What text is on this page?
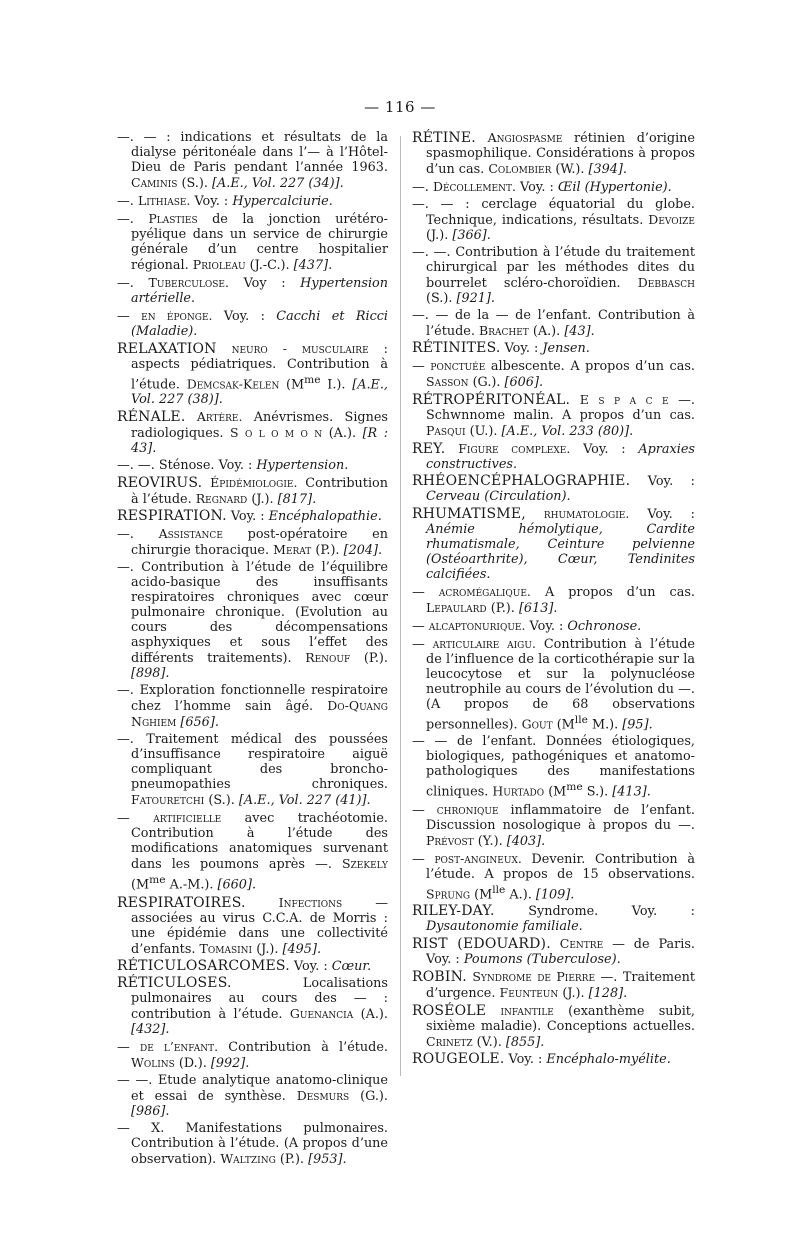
— 116 —

—. — : indications et résultats de la dialyse péritonéale dans l’— à l’Hôtel-Dieu de Paris pendant l’année 1963. Caminis (S.). [A.E., Vol. 227 (34)].

—. Lithiase. Voy. : Hypercalciurie.

—. Plasties de la jonction urétéro-pyélique dans un service de chirurgie générale d’un centre hospitalier régional. Prioleau (J.-C.). [437].

—. Tuberculose. Voy : Hypertension artérielle.

— en éponge. Voy. : Cacchi et Ricci (Maladie).

RELAXATION neuro - musculaire : aspects pédiatriques. Contribution à l’étude. Demcsak-Kelen ($M^{me}$ I.). [A.E., Vol. 227 (38)].

RÉNALE. Artère. Anévrismes. Signes radiologiques. S o l o m o n (A.). [R : 43].

—. —. Sténose. Voy. : Hypertension.

REOVIRUS. Épidémiologie. Contribution à l’étude. Regnard (J.). [817].

RESPIRATION. Voy. : Encéphalopathie.

—. Assistance post-opératoire en chirurgie thoracique. Merat (P.). [204].

—. Contribution à l’étude de l’équilibre acido-basique des insuffisants respiratoires chroniques avec cœur pulmonaire chronique. (Evolution au cours des décompensations asphyxiques et sous l’effet des différents traitements). Renouf (P.). [898].

—. Exploration fonctionnelle respiratoire chez l’homme sain âgé. Do-Quang Nghiem [656].

—. Traitement médical des poussées d’insuffisance respiratoire aiguë compliquant des broncho-pneumopathies chroniques. Fatouretchi (S.). [A.E., Vol. 227 (41)].

— artificielle avec trachéotomie. Contribution à l’étude des modifications anatomiques survenant dans les poumons après —. Szekely ($M^{me}$ A.-M.). [660].

RESPIRATOIRES.	Infections — associées au virus C.C.A. de Morris : une épidémie dans une collectivité d’enfants. Tomasini (J.). [495].

RÉTICULOSARCOMES. Voy. : Cœur.

RÉTICULOSES. Localisations pulmonaires au cours des — : contribution à l’étude. Guenancia (A.). [432].

— de l’enfant. Contribution à l’étude. Wolins (D.). [992].

— —. Etude analytique anatomo-clinique et essai de synthèse. Desmurs (G.). [986].

— X. Manifestations pulmonaires. Contribution à l’étude. (A propos d’une observation). Waltzing (P.). [953].

RÉTINE. Angiospasme rétinien d’origine spasmophilique. Considérations à propos d’un cas. Colombier (W.). [394].

—. Décollement. Voy. : Œil (Hypertonie).

—. — : cerclage équatorial du globe. Technique, indications, résultats. Devoize (J.). [366].

—. —. Contribution à l’étude du traitement chirurgical par les méthodes dites du bourrelet scléro-choroïdien. Debbasch (S.). [921].

—. — de la — de l’enfant. Contribution à l’étude. Brachet (A.). [43].

RÉTINITES. Voy. : Jensen.

— ponctuée albescente. A propos d’un cas. Sasson (G.). [606].

RÉTROPÉRITONÉAL. E s p a c e —. Schwnnome malin. A propos d’un cas. Pasqui (U.). [A.E., Vol. 233 (80)].

REY. Figure complexe. Voy. : Apraxies constructives.

RHÉOENCÉPHALOGRAPHIE. Voy. : Cerveau (Circulation).

RHUMATISME, rhumatologie. Voy. : Anémie hémolytique, Cardite rhumatismale, Ceinture pelvienne (Ostéoarthrite), Cœur, Tendinites calcifiées.

— acromégalique. A propos d’un cas. Lepaulard (P.). [613].

— alcaptonurique. Voy. : Ochronose.

— articulaire aigu. Contribution à l’étude de l’influence de la corticothérapie sur la leucocytose et sur la polynucléose neutrophile au cours de l’évolution du —. (A propos de 68 observations personnelles). Gout ($M^{lle}$ M.). [95].

— — de l’enfant. Données étiologiques, biologiques, pathogéniques et anatomo-pathologiques des manifestations cliniques. Hurtado ($M^{me}$ S.). [413].

— chronique inflammatoire de l’enfant. Discussion nosologique à propos du —. Prévost (Y.). [403].

— post-angineux. Devenir. Contribution à l’étude. A propos de 15 observations. Sprung ($M^{lle}$ A.). [109].

RILEY-DAY. Syndrome. Voy. : Dysautonomie familiale.

RIST (EDOUARD). Centre — de Paris. Voy. : Poumons (Tuberculose).

ROBIN. Syndrome de Pierre —. Traitement d’urgence. Feunteun (J.). [128].

ROSÉOLE infantile (exanthème subit, sixième maladie). Conceptions actuelles. Crinetz (V.). [855].

ROUGEOLE. Voy. : Encéphalo-myélite.
